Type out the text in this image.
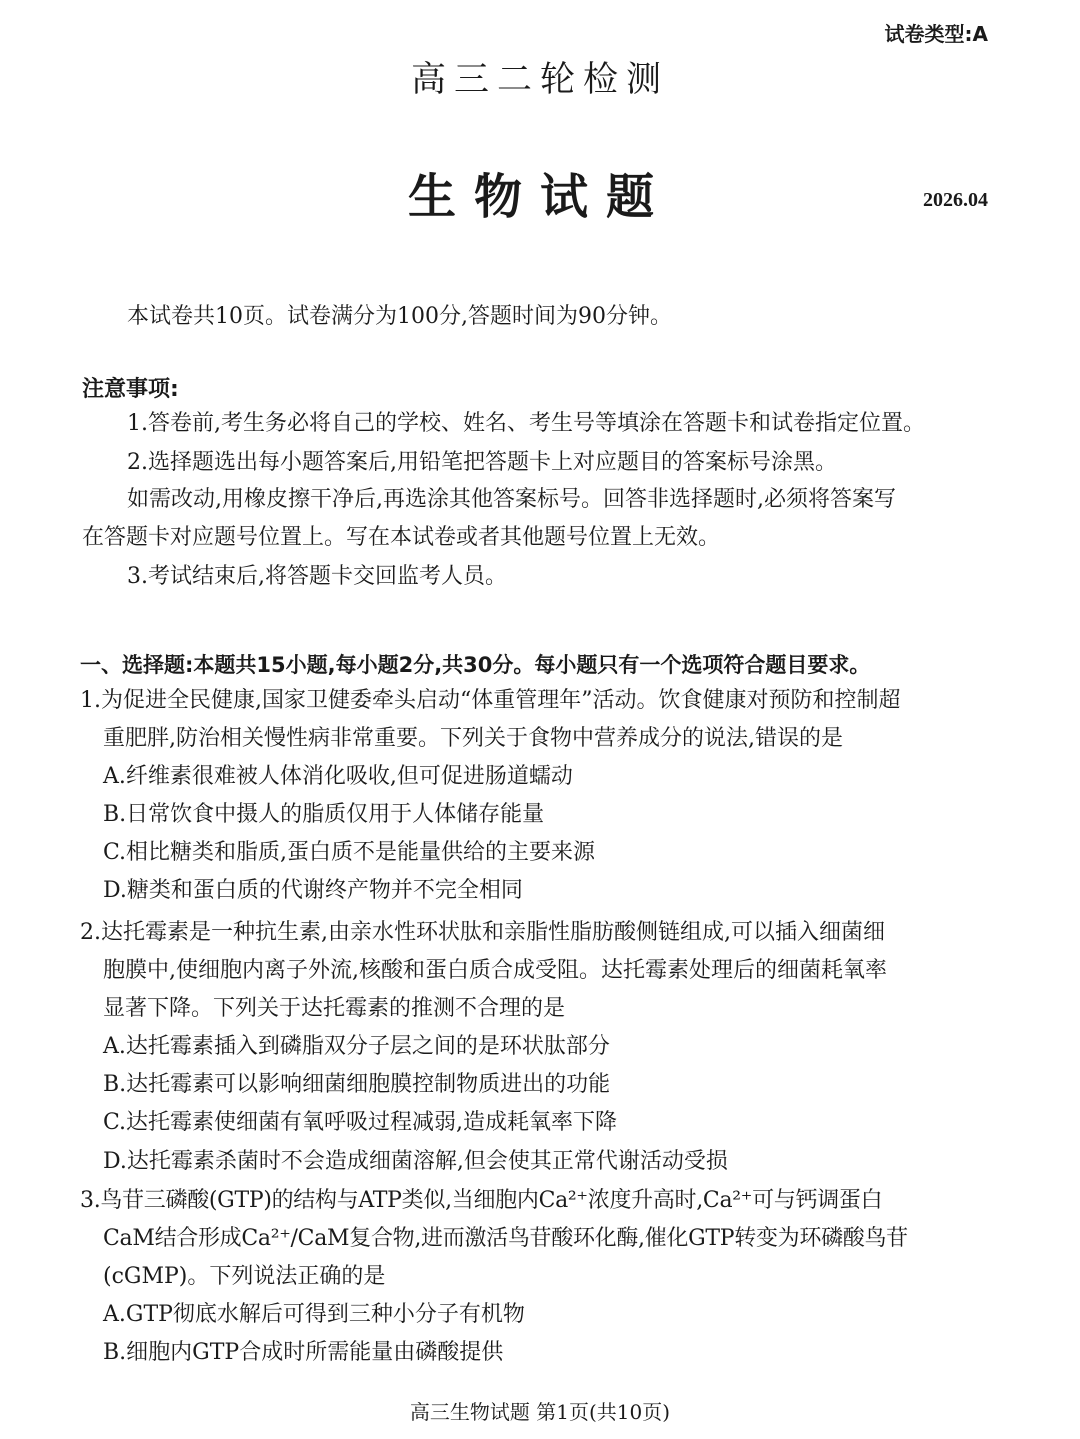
试卷类型:A
高三二轮检测
生物试题	2026.04
本试卷共10页。试卷满分为100分,答题时间为90分钟。
注意事项:
1.答卷前,考生务必将自己的学校、姓名、考生号等填涂在答题卡和试卷指定位置。
2.选择题选出每小题答案后,用铅笔把答题卡上对应题目的答案标号涂黑。
如需改动,用橡皮擦干净后,再选涂其他答案标号。回答非选择题时,必须将答案写
在答题卡对应题号位置上。写在本试卷或者其他题号位置上无效。
3.考试结束后,将答题卡交回监考人员。
一、选择题:本题共15小题,每小题2分,共30分。每小题只有一个选项符合题目要求。
1.为促进全民健康,国家卫健委牵头启动“体重管理年”活动。饮食健康对预防和控制超
重肥胖,防治相关慢性病非常重要。下列关于食物中营养成分的说法,错误的是
A.纤维素很难被人体消化吸收,但可促进肠道蠕动
B.日常饮食中摄人的脂质仅用于人体储存能量
C.相比糖类和脂质,蛋白质不是能量供给的主要来源
D.糖类和蛋白质的代谢终产物并不完全相同
2.达托霉素是一种抗生素,由亲水性环状肽和亲脂性脂肪酸侧链组成,可以插入细菌细
胞膜中,使细胞内离子外流,核酸和蛋白质合成受阻。达托霉素处理后的细菌耗氧率
显著下降。下列关于达托霉素的推测不合理的是
A.达托霉素插入到磷脂双分子层之间的是环状肽部分
B.达托霉素可以影响细菌细胞膜控制物质进出的功能
C.达托霉素使细菌有氧呼吸过程减弱,造成耗氧率下降
D.达托霉素杀菌时不会造成细菌溶解,但会使其正常代谢活动受损
3.鸟苷三磷酸(GTP)的结构与ATP类似,当细胞内Ca²⁺浓度升高时,Ca²⁺可与钙调蛋白
CaM结合形成Ca²⁺/CaM复合物,进而激活鸟苷酸环化酶,催化GTP转变为环磷酸鸟苷
(cGMP)。下列说法正确的是
A.GTP彻底水解后可得到三种小分子有机物
B.细胞内GTP合成时所需能量由磷酸提供
高三生物试题 第1页(共10页)
